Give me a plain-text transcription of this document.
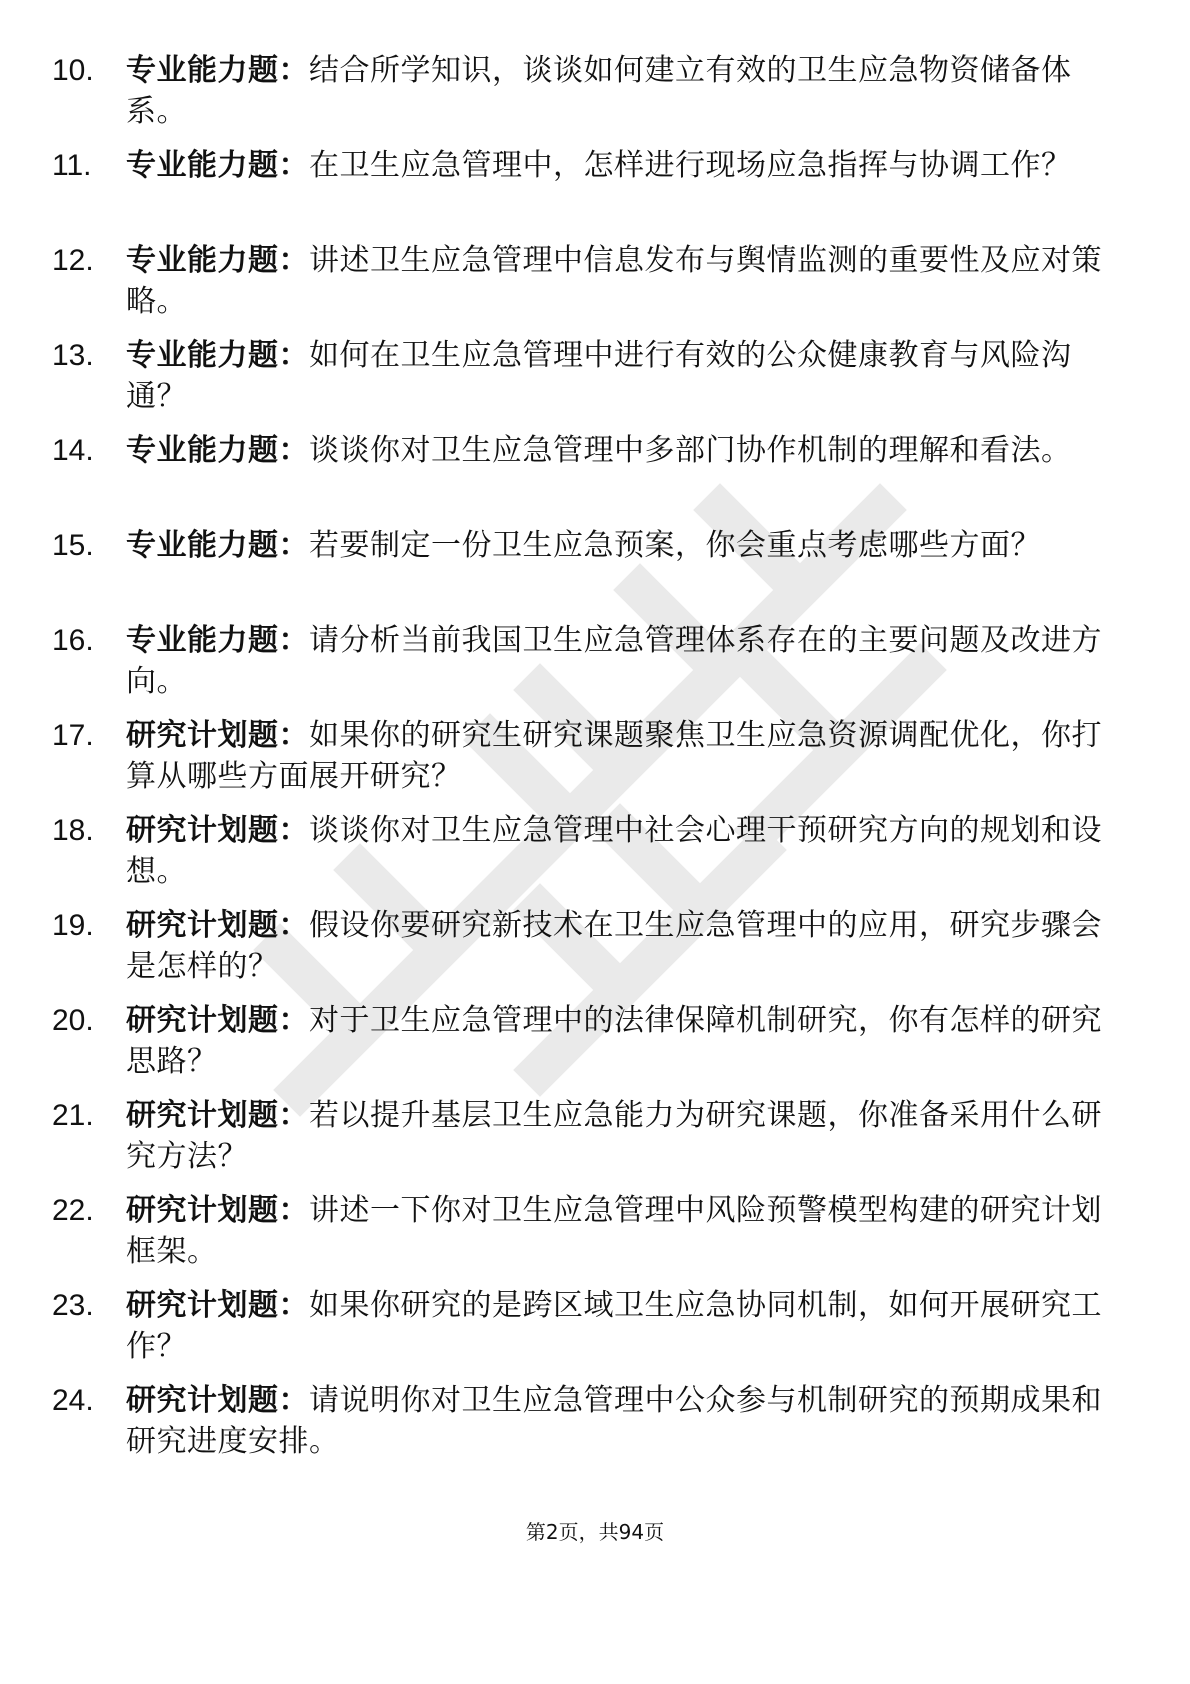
10. 专业能力题：结合所学知识，谈谈如何建立有效的卫生应急物资储备体系。
11. 专业能力题：在卫生应急管理中，怎样进行现场应急指挥与协调工作？
12. 专业能力题：讲述卫生应急管理中信息发布与舆情监测的重要性及应对策略。
13. 专业能力题：如何在卫生应急管理中进行有效的公众健康教育与风险沟通？
14. 专业能力题：谈谈你对卫生应急管理中多部门协作机制的理解和看法。
15. 专业能力题：若要制定一份卫生应急预案，你会重点考虑哪些方面？
16. 专业能力题：请分析当前我国卫生应急管理体系存在的主要问题及改进方向。
17. 研究计划题：如果你的研究生研究课题聚焦卫生应急资源调配优化，你打算从哪些方面展开研究？
18. 研究计划题：谈谈你对卫生应急管理中社会心理干预研究方向的规划和设想。
19. 研究计划题：假设你要研究新技术在卫生应急管理中的应用，研究步骤会是怎样的？
20. 研究计划题：对于卫生应急管理中的法律保障机制研究，你有怎样的研究思路？
21. 研究计划题：若以提升基层卫生应急能力为研究课题，你准备采用什么研究方法？
22. 研究计划题：讲述一下你对卫生应急管理中风险预警模型构建的研究计划框架。
23. 研究计划题：如果你研究的是跨区域卫生应急协同机制，如何开展研究工作？
24. 研究计划题：请说明你对卫生应急管理中公众参与机制研究的预期成果和研究进度安排。
第2页，共94页
